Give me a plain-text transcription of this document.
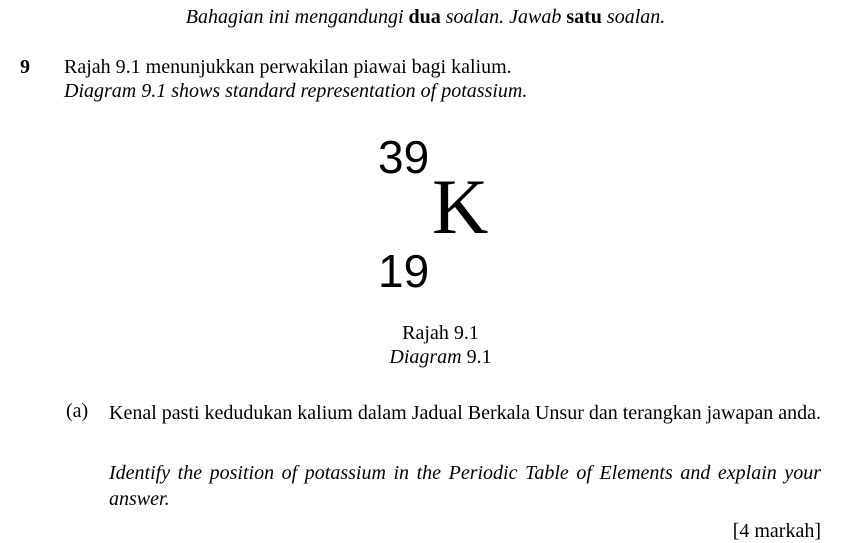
Bahagian ini mengandungi dua soalan. Jawab satu soalan.
9 Rajah 9.1 menunjukkan perwakilan piawai bagi kalium.
Diagram 9.1 shows standard representation of potassium.
39
K
19
Rajah 9.1
Diagram 9.1
(a) Kenal pasti kedudukan kalium dalam Jadual Berkala Unsur dan terangkan jawapan anda.
Identify the position of potassium in the Periodic Table of Elements and explain your answer.
[4 markah]
